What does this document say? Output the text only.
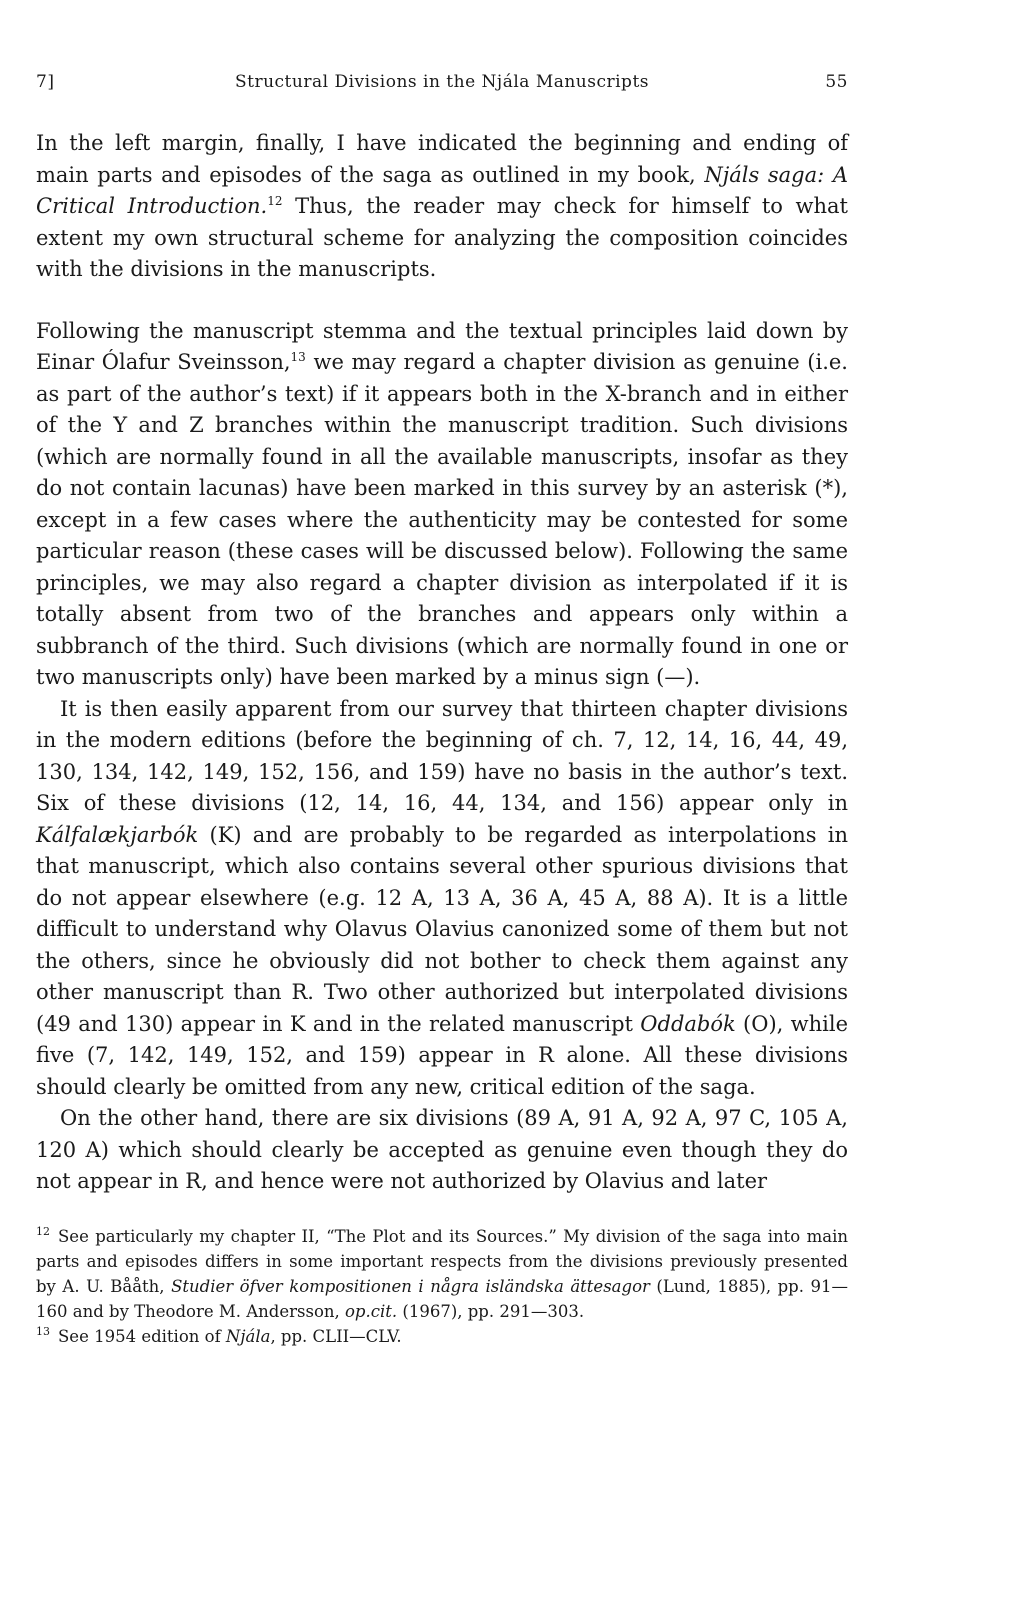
7]	Structural Divisions in the Njála Manuscripts	55

In the left margin, finally, I have indicated the beginning and ending of main parts and episodes of the saga as outlined in my book, Njáls saga: A Critical Introduction.$^{12}$ Thus, the reader may check for himself to what extent my own structural scheme for analyzing the composition coincides with the divisions in the manuscripts.

Following the manuscript stemma and the textual principles laid down by Einar Ólafur Sveinsson,$^{13}$ we may regard a chapter division as genuine (i.e. as part of the author’s text) if it appears both in the X-branch and in either of the Y and Z branches within the manuscript tradition. Such divisions (which are normally found in all the available manuscripts, insofar as they do not contain lacunas) have been marked in this survey by an asterisk (*), except in a few cases where the authenticity may be contested for some particular reason (these cases will be discussed below). Following the same principles, we may also regard a chapter division as interpolated if it is totally absent from two of the branches and appears only within a subbranch of the third. Such divisions (which are normally found in one or two manuscripts only) have been marked by a minus sign (—).

It is then easily apparent from our survey that thirteen chapter divisions in the modern editions (before the beginning of ch. 7, 12, 14, 16, 44, 49, 130, 134, 142, 149, 152, 156, and 159) have no basis in the author’s text. Six of these divisions (12, 14, 16, 44, 134, and 156) appear only in Kálfalækjarbók (K) and are probably to be regarded as interpolations in that manuscript, which also contains several other spurious divisions that do not appear elsewhere (e.g. 12 A, 13 A, 36 A, 45 A, 88 A). It is a little difficult to understand why Olavus Olavius canonized some of them but not the others, since he obviously did not bother to check them against any other manuscript than R. Two other authorized but interpolated divisions (49 and 130) appear in K and in the related manuscript Oddabók (O), while five (7, 142, 149, 152, and 159) appear in R alone. All these divisions should clearly be omitted from any new, critical edition of the saga.

On the other hand, there are six divisions (89 A, 91 A, 92 A, 97 C, 105 A, 120 A) which should clearly be accepted as genuine even though they do not appear in R, and hence were not authorized by Olavius and later

$^{12}$ See particularly my chapter II, “The Plot and its Sources.” My division of the saga into main parts and episodes differs in some important respects from the divisions previously presented by A. U. Bååth, Studier öfver kompositionen i några isländska ättesagor (Lund, 1885), pp. 91—160 and by Theodore M. Andersson, op.cit. (1967), pp. 291—303.

$^{13}$ See 1954 edition of Njála, pp. CLII—CLV.
